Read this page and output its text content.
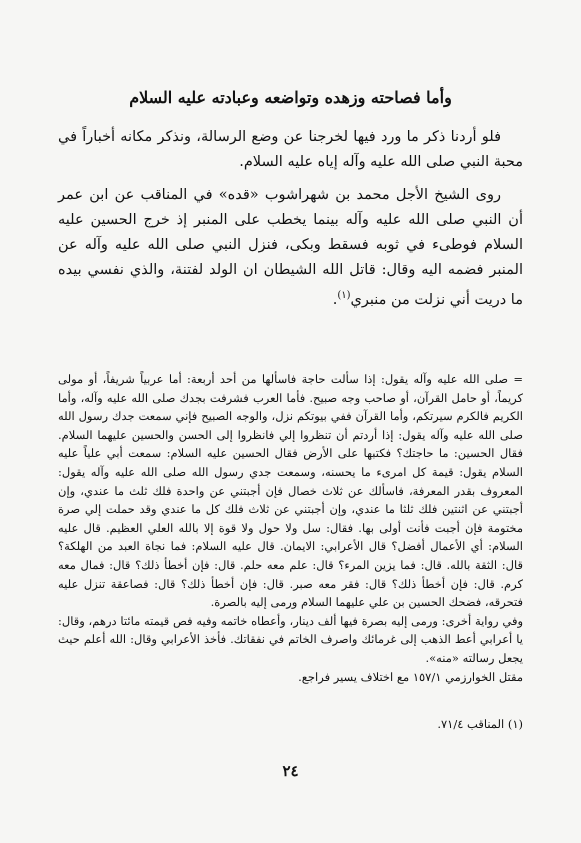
وأما فصاحته وزهده وتواضعه وعبادته عليه السلام

فلو أردنا ذكر ما ورد فيها لخرجنا عن وضع الرسالة، ونذكر مكانه أخباراً في محبة النبي صلى الله عليه وآله إياه عليه السلام.

روى الشيخ الأجل محمد بن شهراشوب «قده» في المناقب عن ابن عمر أن النبي صلى الله عليه وآله بينما يخطب على المنبر إذ خرج الحسين عليه السلام فوطىء في ثوبه فسقط وبكى، فنزل النبي صلى الله عليه وآله عن المنبر فضمه اليه وقال: قاتل الله الشيطان ان الولد لفتنة، والذي نفسي بيده ما دريت أني نزلت من منبري$^{(١)}$.

= صلى الله عليه وآله يقول: إذا سألت حاجة فاسألها من أحد أربعة: أما عربياً شريفاً، أو مولى كريماً، أو حامل القرآن، أو صاحب وجه صبيح. فأما العرب فشرفت بجدك صلى الله عليه وآله، وأما الكريم فالكرم سيرتكم، وأما القرآن ففي بيوتكم نزل، والوجه الصبيح فإني سمعت جدك رسول الله صلى الله عليه وآله يقول: إذا أردتم أن تنظروا إلي فانظروا إلى الحسن والحسين عليهما السلام. فقال الحسين: ما حاجتك؟ فكتبها على الأرض فقال الحسين عليه السلام: سمعت أبي علياً عليه السلام يقول: قيمة كل امرىء ما يحسنه، وسمعت جدي رسول الله صلى الله عليه وآله يقول: المعروف بقدر المعرفة، فاسألك عن ثلاث خصال فإن أجبتني عن واحدة فلك ثلث ما عندي، وإن أجبتني عن اثنتين فلك ثلثا ما عندي، وإن أجبتني عن ثلاث فلك كل ما عندي وقد حملت إلي صرة مختومة فإن أجبت فأنت أولى بها. فقال: سل ولا حول ولا قوة إلا بالله العلي العظيم. قال عليه السلام: أي الأعمال أفضل؟ قال الأعرابي: الايمان. قال عليه السلام: فما نجاة العبد من الهلكة؟ قال: الثقة بالله. قال: فما يزين المرء؟ قال: علم معه حلم. قال: فإن أخطأ ذلك؟ قال: فمال معه كرم. قال: فإن أخطأ ذلك؟ قال: فقر معه صبر. قال: فإن أخطأ ذلك؟ قال: فصاعقة تنزل عليه فتحرقه، فضحك الحسين بن علي عليهما السلام ورمى إليه بالصرة.

وفي رواية أخرى: ورمى إليه بصرة فيها ألف دينار، وأعطاه خاتمه وفيه فص قيمته مائتا درهم، وقال: يا أعرابي أعط الذهب إلى غرمائك واصرف الخاتم في نفقاتك. فأخذ الأعرابي وقال: الله أعلم حيث يجعل رسالته «منه».

مقتل الخوارزمي ١٥٧/١ مع اختلاف يسير فراجع.

(١) المناقب ٧١/٤.
٢٤
